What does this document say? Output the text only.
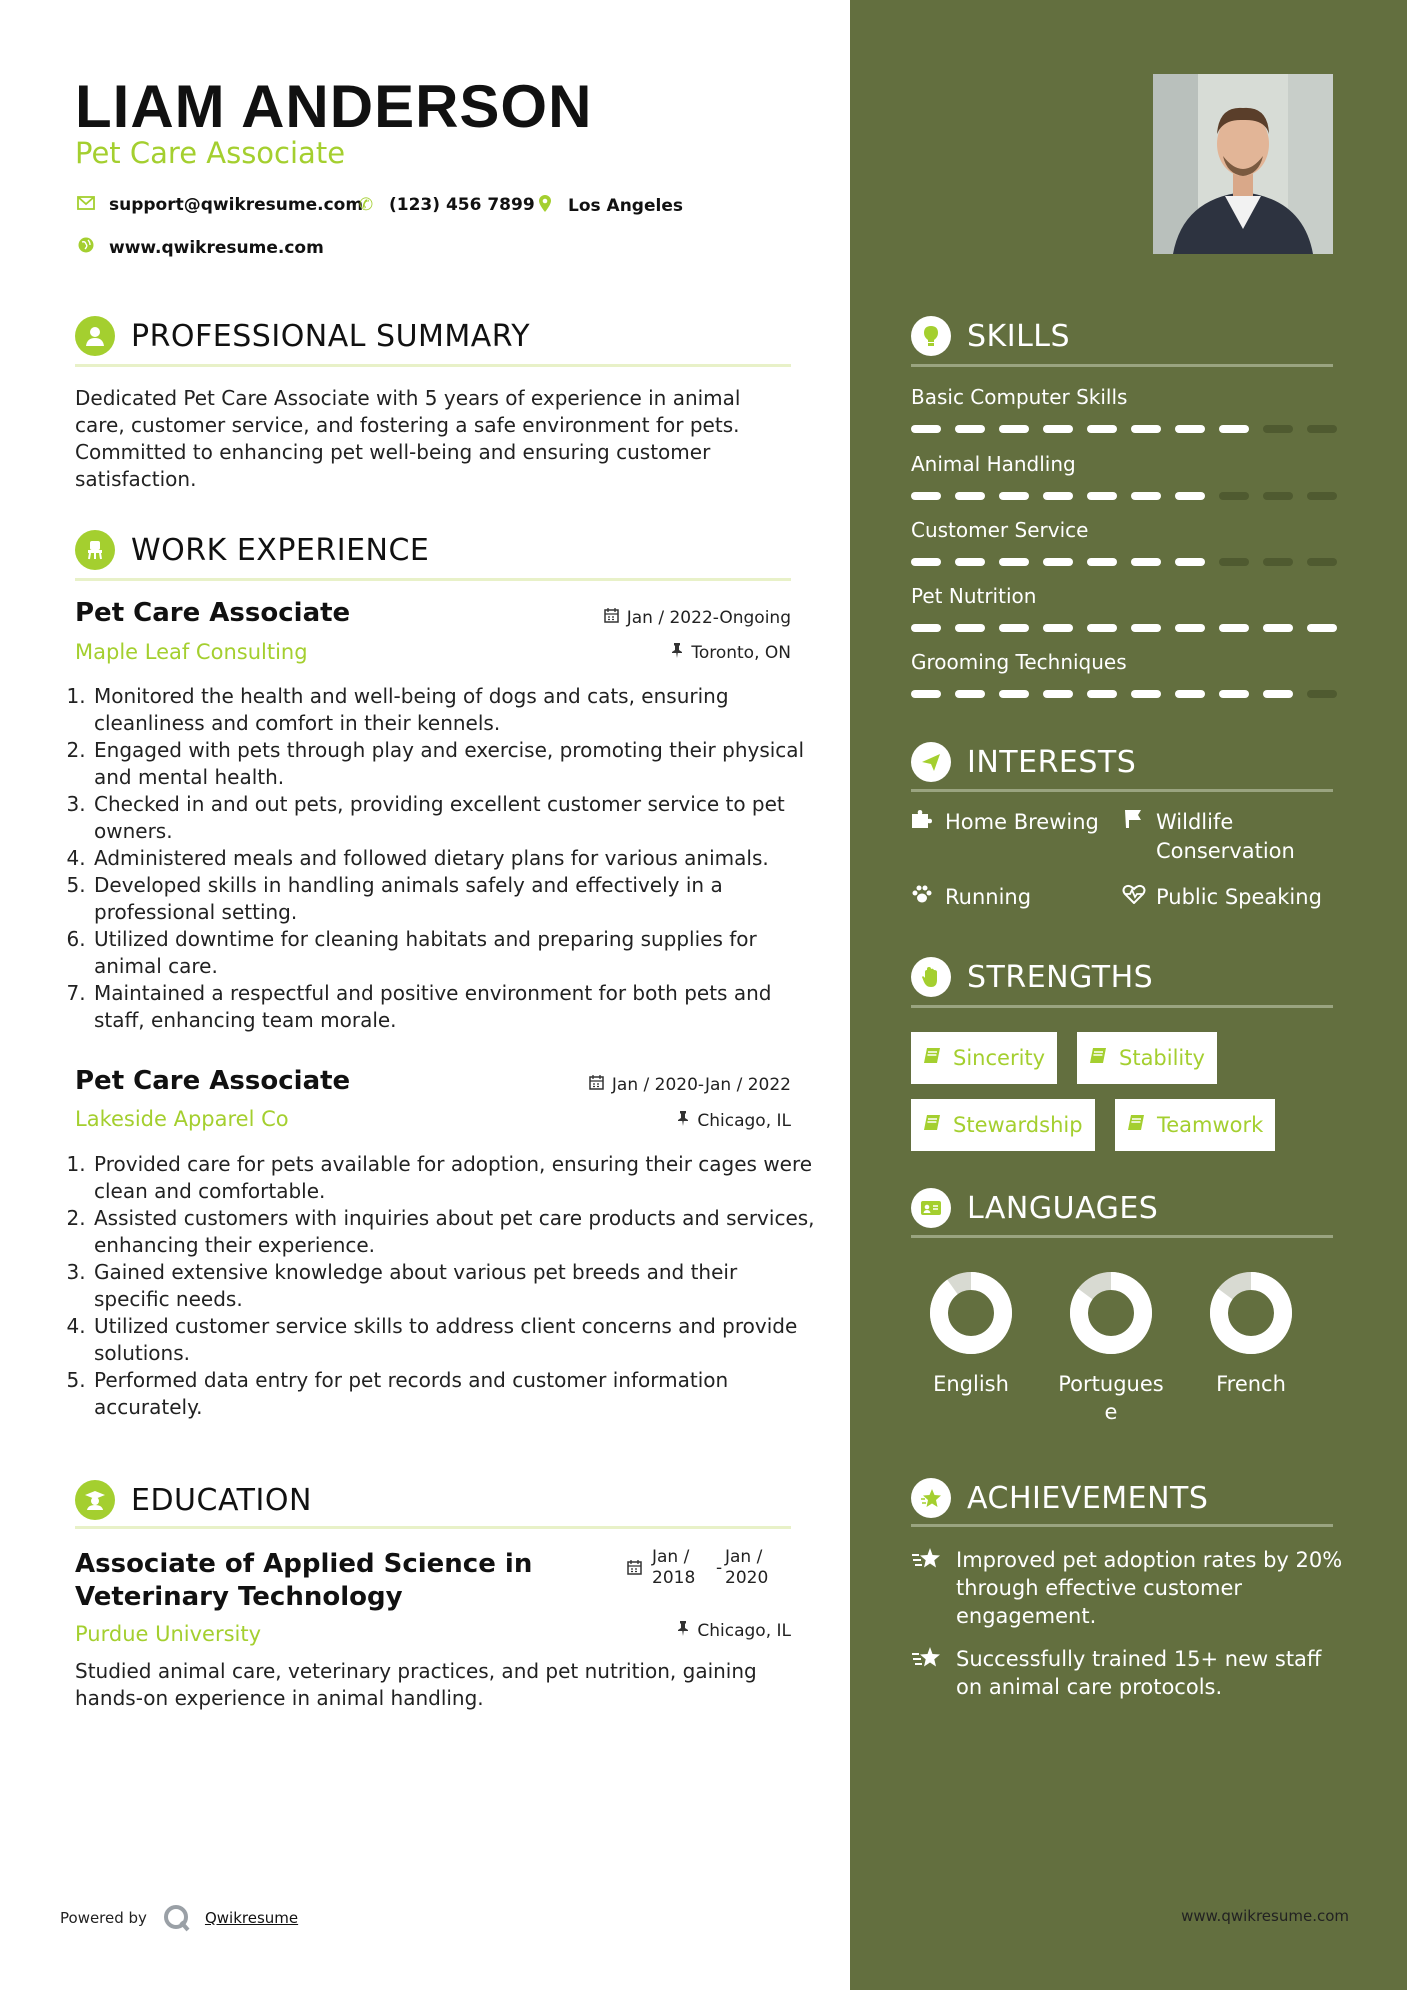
LIAM ANDERSON
Pet Care Associate
support@qwikresume.com
✆ (123) 456 7899 Los Angeles
www.qwikresume.com
PROFESSIONAL SUMMARY
Dedicated Pet Care Associate with 5 years of experience in animal care, customer service, and fostering a safe environment for pets. Committed to enhancing pet well-being and ensuring customer satisfaction.
WORK EXPERIENCE
Pet Care Associate	Jan / 2022-Ongoing
Maple Leaf Consulting	Toronto, ON
1. Monitored the health and well-being of dogs and cats, ensuring cleanliness and comfort in their kennels.
2. Engaged with pets through play and exercise, promoting their physical and mental health.
3. Checked in and out pets, providing excellent customer service to pet owners.
4. Administered meals and followed dietary plans for various animals.
5. Developed skills in handling animals safely and effectively in a professional setting.
6. Utilized downtime for cleaning habitats and preparing supplies for animal care.
7. Maintained a respectful and positive environment for both pets and staff, enhancing team morale.
Pet Care Associate	Jan / 2020-Jan / 2022
Lakeside Apparel Co	Chicago, IL
1. Provided care for pets available for adoption, ensuring their cages were clean and comfortable.
2. Assisted customers with inquiries about pet care products and services, enhancing their experience.
3. Gained extensive knowledge about various pet breeds and their specific needs.
4. Utilized customer service skills to address client concerns and provide solutions.
5. Performed data entry for pet records and customer information accurately.
EDUCATION
Associate of Applied Science in
Veterinary Technology
Jan /
2018 -
Jan /
2020
Purdue University	Chicago, IL
Studied animal care, veterinary practices, and pet nutrition, gaining hands-on experience in animal handling.
Powered by	Qwikresume	www.qwikresume.com
SKILLS
Basic Computer Skills
Animal Handling
Customer Service
Pet Nutrition
Grooming Techniques
INTERESTS
Home Brewing	Wildlife
Conservation
Running	Public Speaking
STRENGTHS
Sincerity	Stability
Stewardship	Teamwork
LANGUAGES
English	Portugues
e
French
ACHIEVEMENTS
Improved pet adoption rates by 20% through effective customer engagement.
Successfully trained 15+ new staff on animal care protocols.
